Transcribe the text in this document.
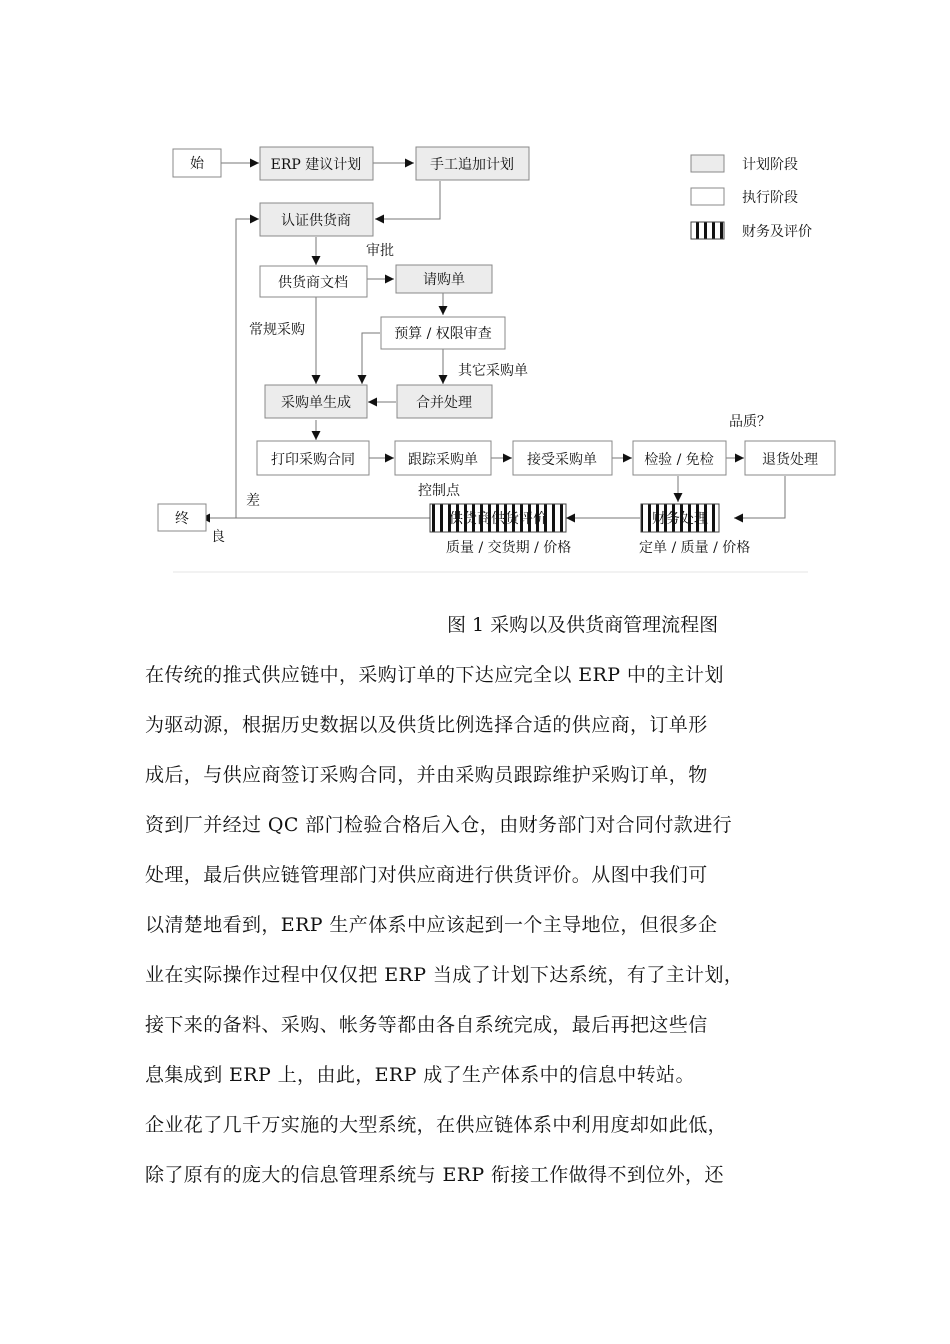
始	ERP 建议计划	手工追加计划
认证供货商
供货商文档	请购单
预算 / 权限审查
采购单生成	合并处理
打印采购合同	跟踪采购单	接受采购单	检验 / 免检	退货处理
终	供货商供货评价	财务处理
审批
常规采购
其它采购单
品质？
控制点
差
良
质量 / 交货期 / 价格	定单 / 质量 / 价格
计划阶段
执行阶段
财务及评价
图 1 采购以及供货商管理流程图
在传统的推式供应链中，采购订单的下达应完全以 ERP 中的主计划
为驱动源，根据历史数据以及供货比例选择合适的供应商，订单形
成后，与供应商签订采购合同，并由采购员跟踪维护采购订单，物
资到厂并经过 QC 部门检验合格后入仓，由财务部门对合同付款进行
处理，最后供应链管理部门对供应商进行供货评价。从图中我们可
以清楚地看到，ERP 生产体系中应该起到一个主导地位，但很多企
业在实际操作过程中仅仅把 ERP 当成了计划下达系统，有了主计划，
接下来的备料、采购、帐务等都由各自系统完成，最后再把这些信
息集成到 ERP 上，由此，ERP 成了生产体系中的信息中转站。
企业花了几千万实施的大型系统，在供应链体系中利用度却如此低，
除了原有的庞大的信息管理系统与 ERP 衔接工作做得不到位外，还
